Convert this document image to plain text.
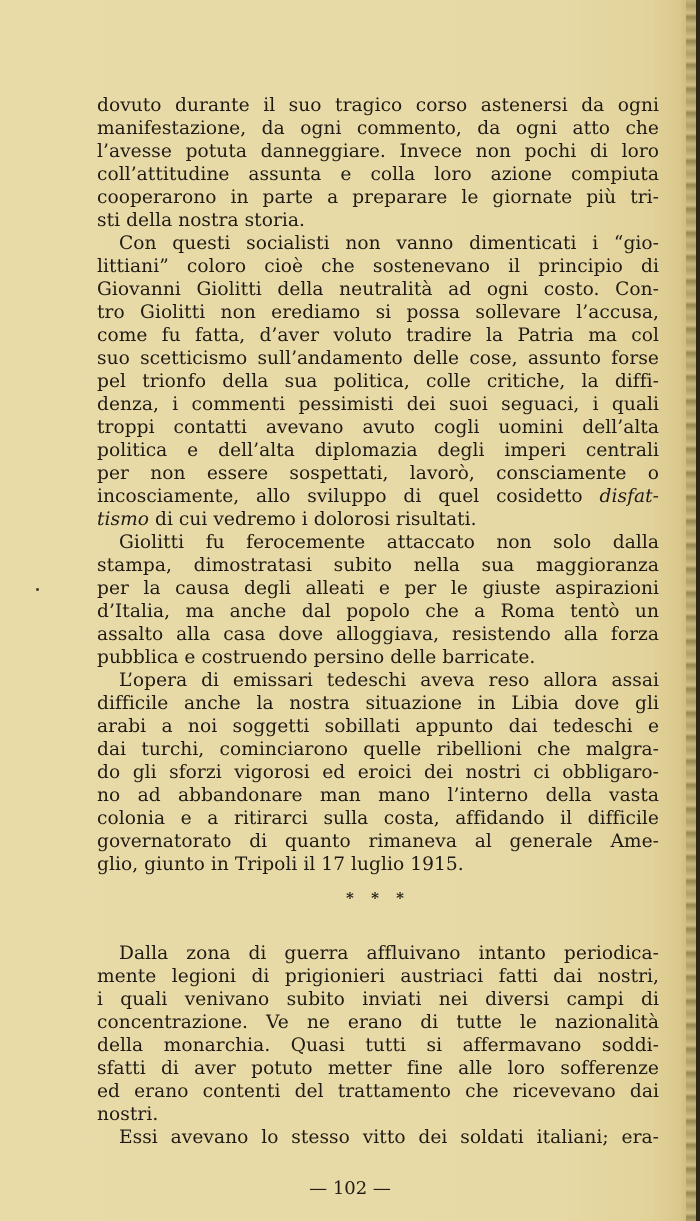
dovuto durante il suo tragico corso astenersi da ogni

manifestazione, da ogni commento, da ogni atto che

l’avesse potuta danneggiare. Invece non pochi di loro

coll’attitudine assunta e colla loro azione compiuta

cooperarono in parte a preparare le giornate più tri-

sti della nostra storia.

Con questi socialisti non vanno dimenticati i “gio-

littiani” coloro cioè che sostenevano il principio di

Giovanni Giolitti della neutralità ad ogni costo. Con-

tro Giolitti non erediamo si possa sollevare l’accusa,

come fu fatta, d’aver voluto tradire la Patria ma col

suo scetticismo sull’andamento delle cose, assunto forse

pel trionfo della sua politica, colle critiche, la diffi-

denza, i commenti pessimisti dei suoi seguaci, i quali

troppi contatti avevano avuto cogli uomini dell’alta

politica e dell’alta diplomazia degli imperi centrali

per non essere sospettati, lavorò, consciamente o

incosciamente, allo sviluppo di quel cosidetto disfat-

tismo di cui vedremo i dolorosi risultati.

Giolitti fu ferocemente attaccato non solo dalla

stampa, dimostratasi subito nella sua maggioranza

per la causa degli alleati e per le giuste aspirazioni

d’Italia, ma anche dal popolo che a Roma tentò un

assalto alla casa dove alloggiava, resistendo alla forza

pubblica e costruendo persino delle barricate.

L’opera di emissari tedeschi aveva reso allora assai

difficile anche la nostra situazione in Libia dove gli

arabi a noi soggetti sobillati appunto dai tedeschi e

dai turchi, cominciarono quelle ribellioni che malgra-

do gli sforzi vigorosi ed eroici dei nostri ci obbligaro-

no ad abbandonare man mano l’interno della vasta

colonia e a ritirarci sulla costa, affidando il difficile

governatorato di quanto rimaneva al generale Ame-

glio, giunto in Tripoli il 17 luglio 1915.

* * *

Dalla zona di guerra affluivano intanto periodica-

mente legioni di prigionieri austriaci fatti dai nostri,

i quali venivano subito inviati nei diversi campi di

concentrazione. Ve ne erano di tutte le nazionalità

della monarchia. Quasi tutti si affermavano soddi-

sfatti di aver potuto metter fine alle loro sofferenze

ed erano contenti del trattamento che ricevevano dai

nostri.

Essi avevano lo stesso vitto dei soldati italiani; era-

— 102 —
